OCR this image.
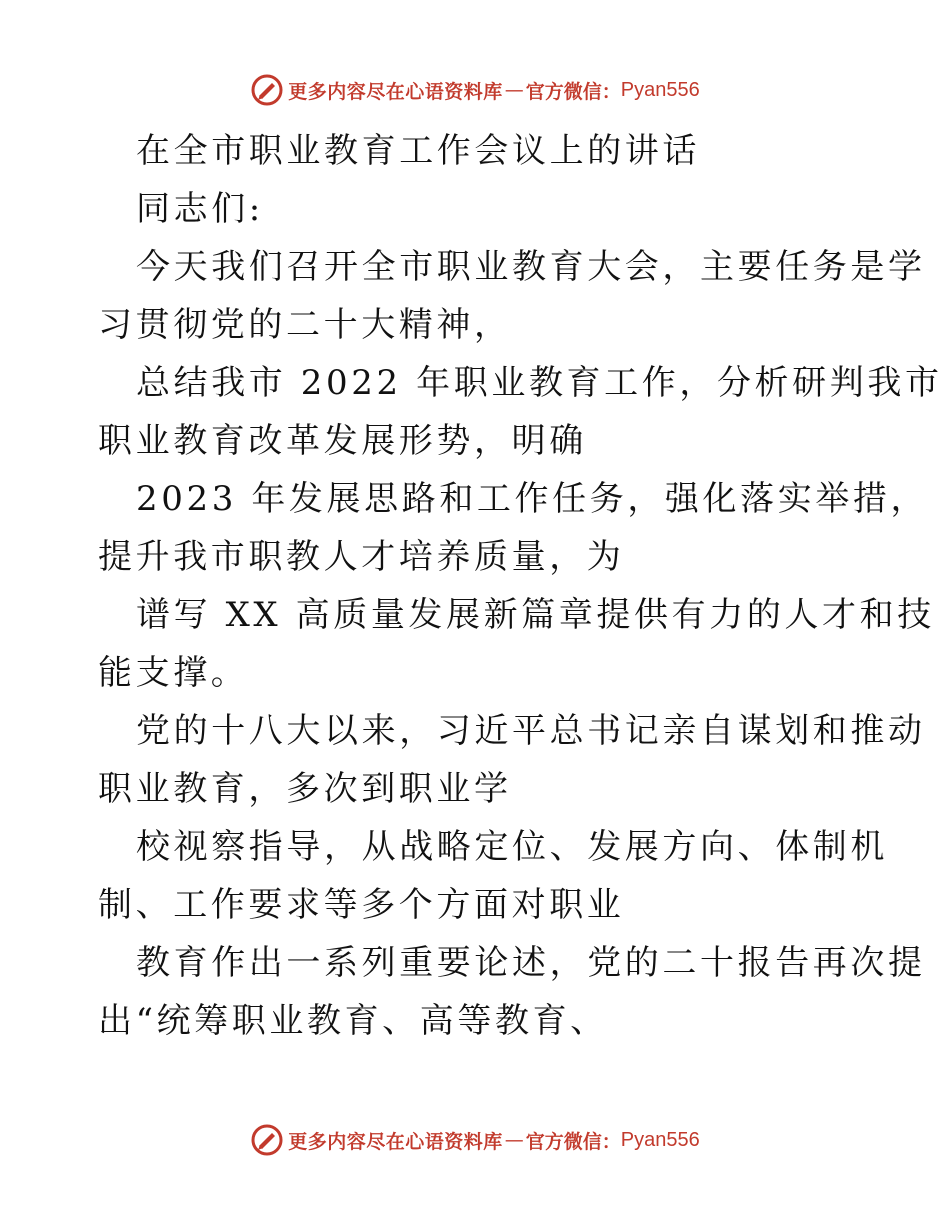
更多内容尽在心语资料库 — 官方微信： Pyan556
在全市职业教育工作会议上的讲话
同志们:
今天我们召开全市职业教育大会，主要任务是学
习贯彻党的二十大精神，
总结我市 2022 年职业教育工作，分析研判我市
职业教育改革发展形势，明确
2023 年发展思路和工作任务，强化落实举措，
提升我市职教人才培养质量，为
谱写 XX 高质量发展新篇章提供有力的人才和技
能支撑。
党的十八大以来，习近平总书记亲自谋划和推动
职业教育，多次到职业学
校视察指导，从战略定位、发展方向、体制机
制、工作要求等多个方面对职业
教育作出一系列重要论述，党的二十报告再次提
出“统筹职业教育、高等教育、
更多内容尽在心语资料库 — 官方微信： Pyan556
